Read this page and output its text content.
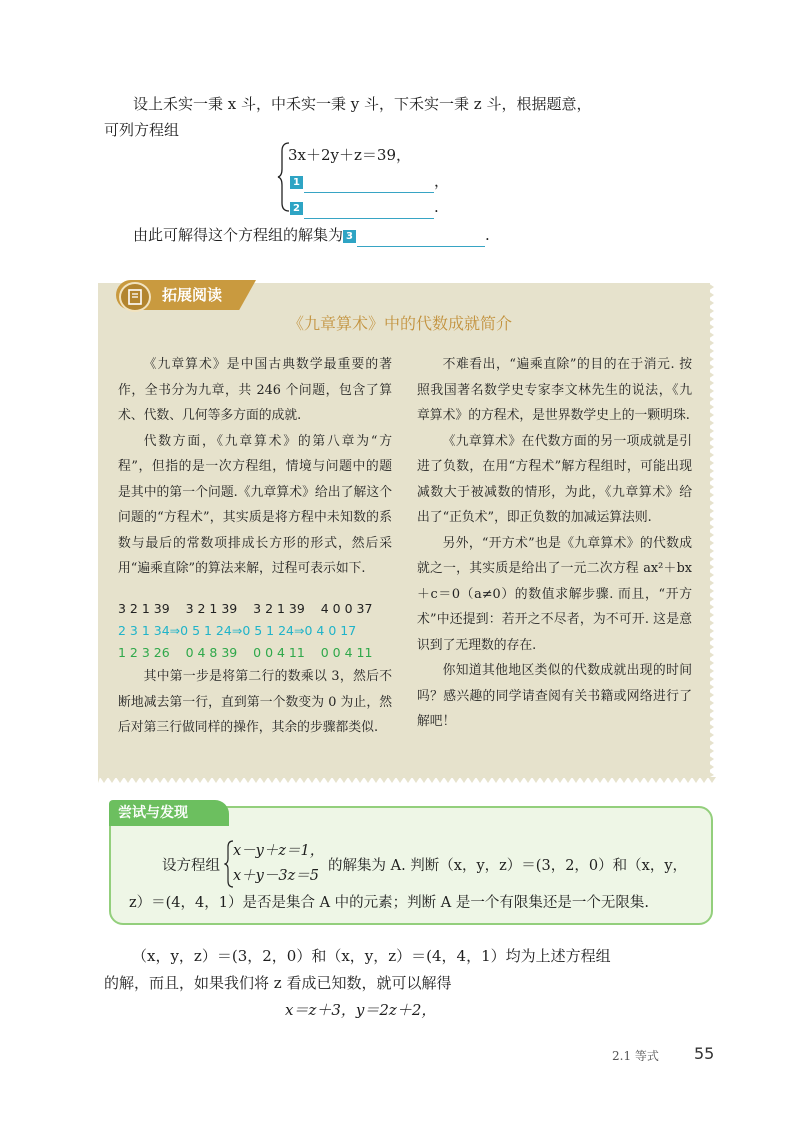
设上禾实一秉 x 斗，中禾实一秉 y 斗，下禾实一秉 z 斗，根据题意，
可列方程组
3x＋2y＋z＝39，
1	，
2	.
由此可解得这个方程组的解集为 3	.
拓展阅读
《九章算术》中的代数成就简介

《九章算术》是中国古典数学最重要的著作，全书分为九章，共 246 个问题，包含了算术、代数、几何等多方面的成就.

代数方面，《九章算术》的第八章为“方程”，但指的是一次方程组，情境与问题中的题是其中的第一个问题.《九章算术》给出了解这个问题的“方程术”，其实质是将方程中未知数的系数与最后的常数项排成长方形的形式，然后采用“遍乘直除”的算法来解，过程可表示如下.

3 2 1 39    3 2 1 39    3 2 1 39    4 0 0 37
2 3 1 34⇒0 5 1 24⇒0 5 1 24⇒0 4 0 17
1 2 3 26    0 4 8 39    0 0 4 11    0 0 4 11

其中第一步是将第二行的数乘以 3，然后不断地减去第一行，直到第一个数变为 0 为止，然后对第三行做同样的操作，其余的步骤都类似.

不难看出，“遍乘直除”的目的在于消元. 按照我国著名数学史专家李文林先生的说法，《九章算术》的方程术，是世界数学史上的一颗明珠.

《九章算术》在代数方面的另一项成就是引进了负数，在用“方程术”解方程组时，可能出现减数大于被减数的情形，为此，《九章算术》给出了“正负术”，即正负数的加减运算法则.

另外，“开方术”也是《九章算术》的代数成就之一，其实质是给出了一元二次方程 ax²＋bx＋c＝0（a≠0）的数值求解步骤. 而且，“开方术”中还提到：若开之不尽者，为不可开. 这是意识到了无理数的存在.

你知道其他地区类似的代数成就出现的时间吗？感兴趣的同学请查阅有关书籍或网络进行了解吧！

尝试与发现
设方程组
x－y＋z＝1，
x＋y－3z＝5
的解集为 A. 判断（x，y，z）＝(3，2，0）和（x，y，
z）＝(4，4，1）是否是集合 A 中的元素；判断 A 是一个有限集还是一个无限集.
（x，y，z）＝(3，2，0）和（x，y，z）＝(4，4，1）均为上述方程组
的解，而且，如果我们将 z 看成已知数，就可以解得
x＝z＋3，y＝2z＋2，
2.1 等式 55
